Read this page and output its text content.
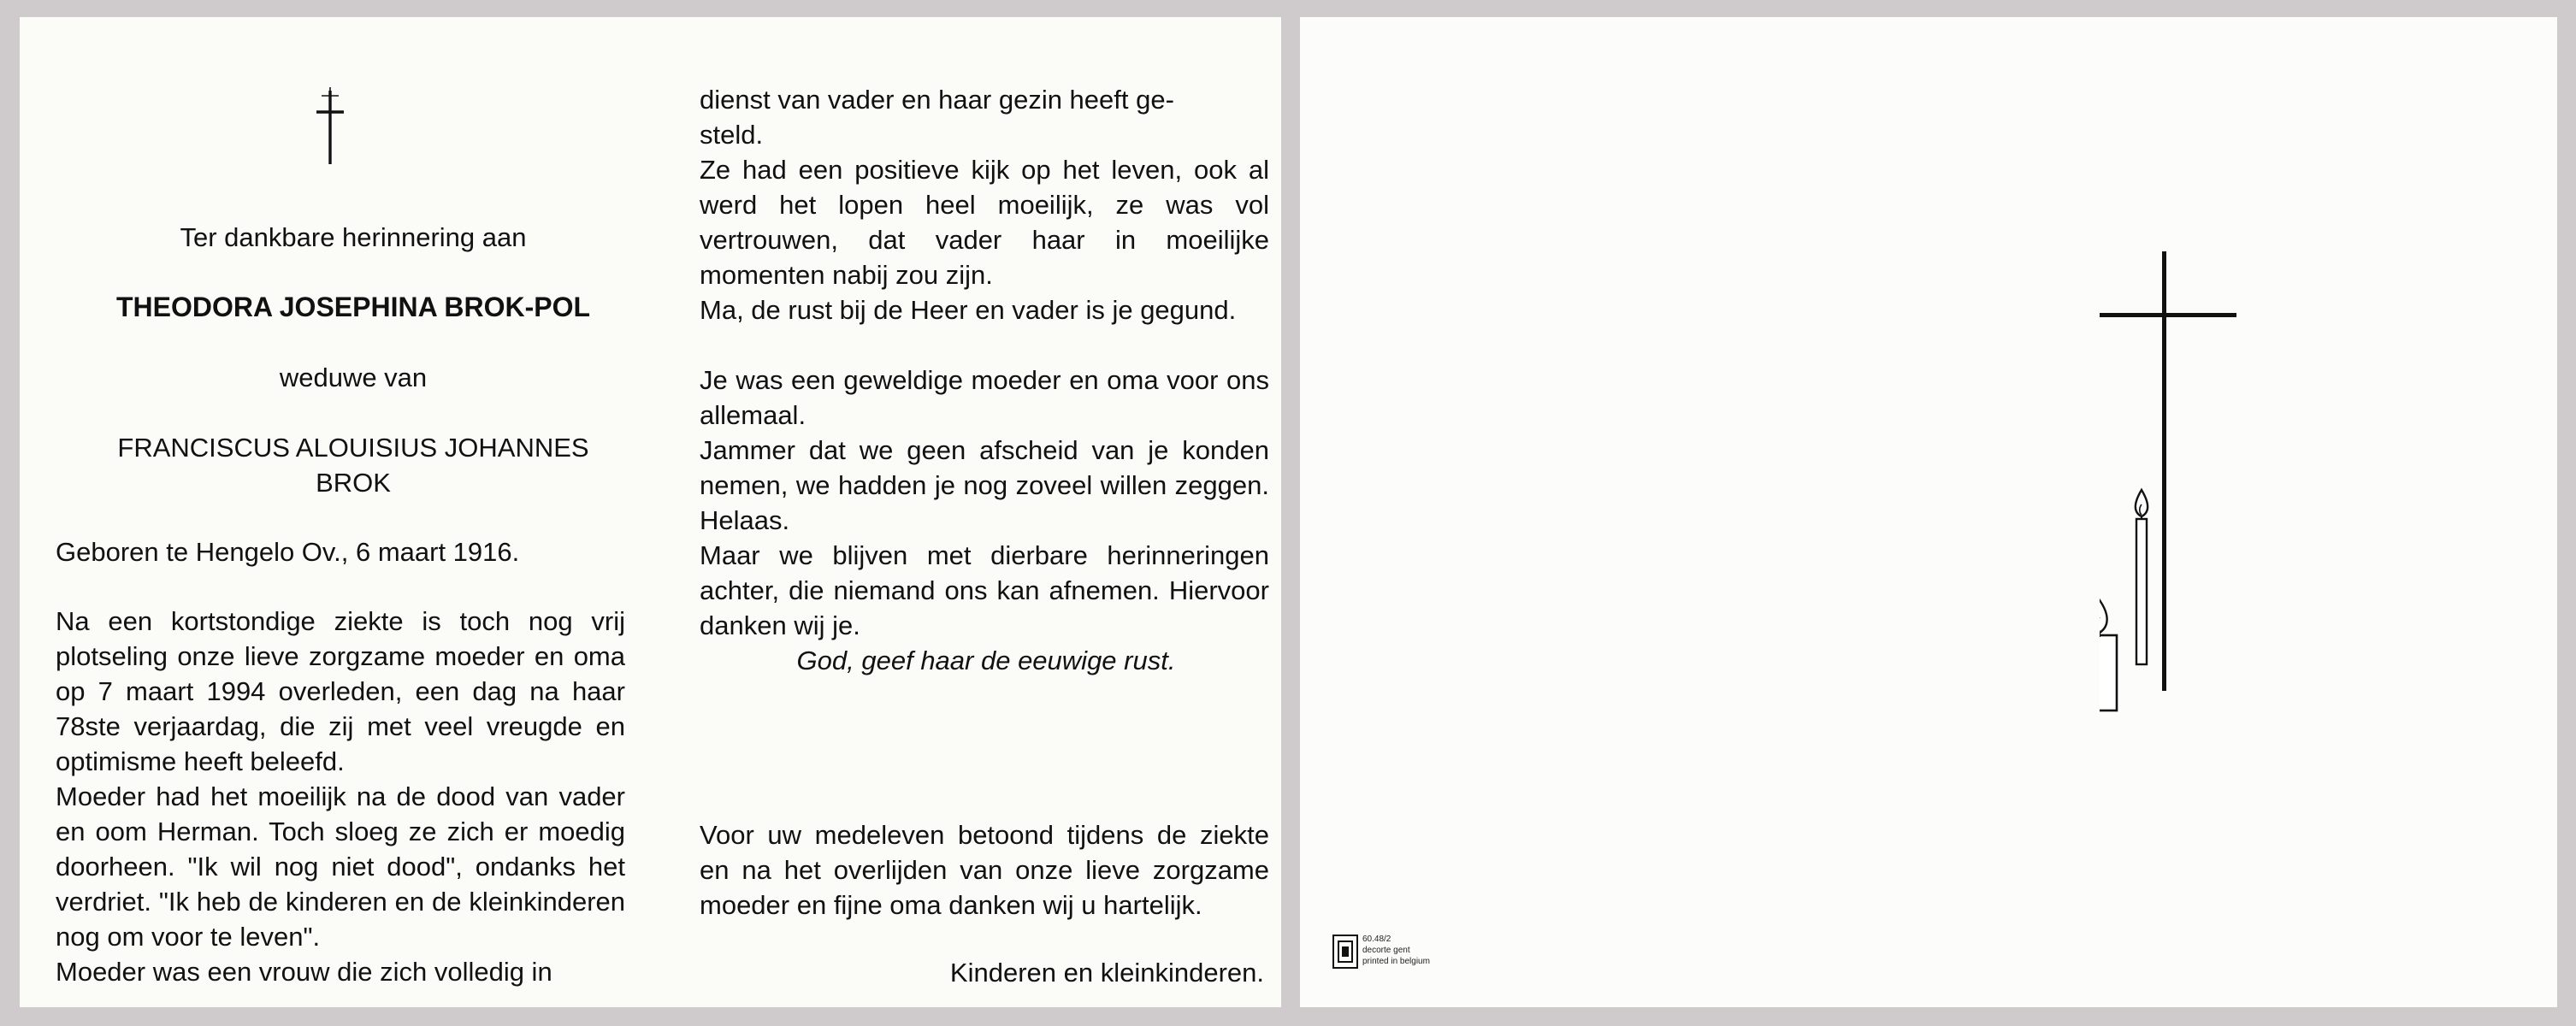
Ter dankbare herinnering aan

THEODORA JOSEPHINA BROK-POL

weduwe van

FRANCISCUS ALOUISIUS JOHANNES

BROK

Geboren te Hengelo Ov., 6 maart 1916.

Na een kortstondige ziekte is toch nog vrij plotseling onze lieve zorgzame moeder en oma op 7 maart 1994 overleden, een dag na haar 78ste verjaardag, die zij met veel vreugde en optimisme heeft beleefd.

Moeder had het moeilijk na de dood van vader en oom Herman. Toch sloeg ze zich er moedig doorheen. "Ik wil nog niet dood", ondanks het verdriet. "Ik heb de kinderen en de kleinkinderen nog om voor te leven".

Moeder was een vrouw die zich volledig in

dienst van vader en haar gezin heeft ge-

steld.

Ze had een positieve kijk op het leven, ook al werd het lopen heel moeilijk, ze was vol vertrouwen, dat vader haar in moeilijke momenten nabij zou zijn.

Ma, de rust bij de Heer en vader is je gegund.

Je was een geweldige moeder en oma voor ons allemaal.

Jammer dat we geen afscheid van je konden nemen, we hadden je nog zoveel willen zeggen. Helaas.

Maar we blijven met dierbare herinneringen achter, die niemand ons kan afnemen. Hiervoor danken wij je.

God, geef haar de eeuwige rust.

Voor uw medeleven betoond tijdens de ziekte en na het overlijden van onze lieve zorgzame moeder en fijne oma danken wij u hartelijk.

Kinderen en kleinkinderen.

60.48/2
decorte gent
printed in belgium
